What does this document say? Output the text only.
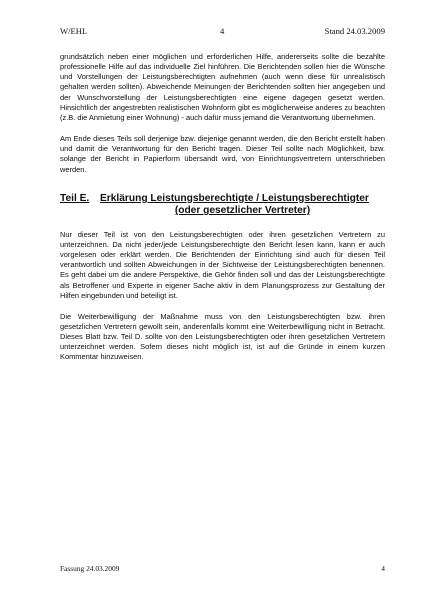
W/EHL	4	Stand 24.03.2009

grundsätzlich neben einer möglichen und erforderlichen Hilfe, andererseits sollte die bezahlte professionelle Hilfe auf das individuelle Ziel hinführen. Die Berichtenden sollen hier die Wünsche und Vorstellungen der Leistungsberechtigten aufnehmen (auch wenn diese für unrealistisch gehalten werden sollten). Abweichende Meinungen der Berichtenden sollten hier angegeben und der Wunschvorstellung der Leistungsberechtigten eine eigene dagegen gesetzt werden. Hinsichtlich der angestrebten realistischen Wohnform gibt es möglicherweise anderes zu beachten (z.B. die Anmietung einer Wohnung) - auch dafür muss jemand die Verantwortung übernehmen.

Am Ende dieses Teils soll derjenige bzw. diejenige genannt werden, die den Bericht erstellt haben und damit die Verantwortung für den Bericht tragen. Dieser Teil sollte nach Möglichkeit, bzw. solange der Bericht in Papierform übersandt wird, von Einrichtungsvertretern unterschrieben werden.

Teil E.	Erklärung Leistungsberechtigte / Leistungsberechtigter
(oder gesetzlicher Vertreter)

Nur dieser Teil ist von den Leistungsberechtigten oder ihren gesetzlichen Vertretern zu unterzeichnen. Da nicht jeder/jede Leistungsberechtigte den Bericht lesen kann, kann er auch vorgelesen oder erklärt werden. Die Berichtenden der Einrichtung sind auch für diesen Teil verantwortlich und sollten Abweichungen in der Sichtweise der Leistungsberechtigten benennen. Es geht dabei um die andere Perspektive, die Gehör finden soll und das der Leistungsberechtigte als Betroffener und Experte in eigener Sache aktiv in dem Planungsprozess zur Gestaltung der Hilfen eingebunden und beteiligt ist.

Die Weiterbewilligung der Maßnahme muss von den Leistungsberechtigten bzw. ihren gesetzlichen Vertretern gewollt sein, anderenfalls kommt eine Weiterbewilligung nicht in Betracht. Dieses Blatt bzw. Teil D. sollte von den Leistungsberechtigten oder ihren gesetzlichen Vertretern unterzeichnet werden. Sofern dieses nicht möglich ist, ist auf die Gründe in einem kurzen Kommentar hinzuweisen.

Fassung 24.03.2009	4
